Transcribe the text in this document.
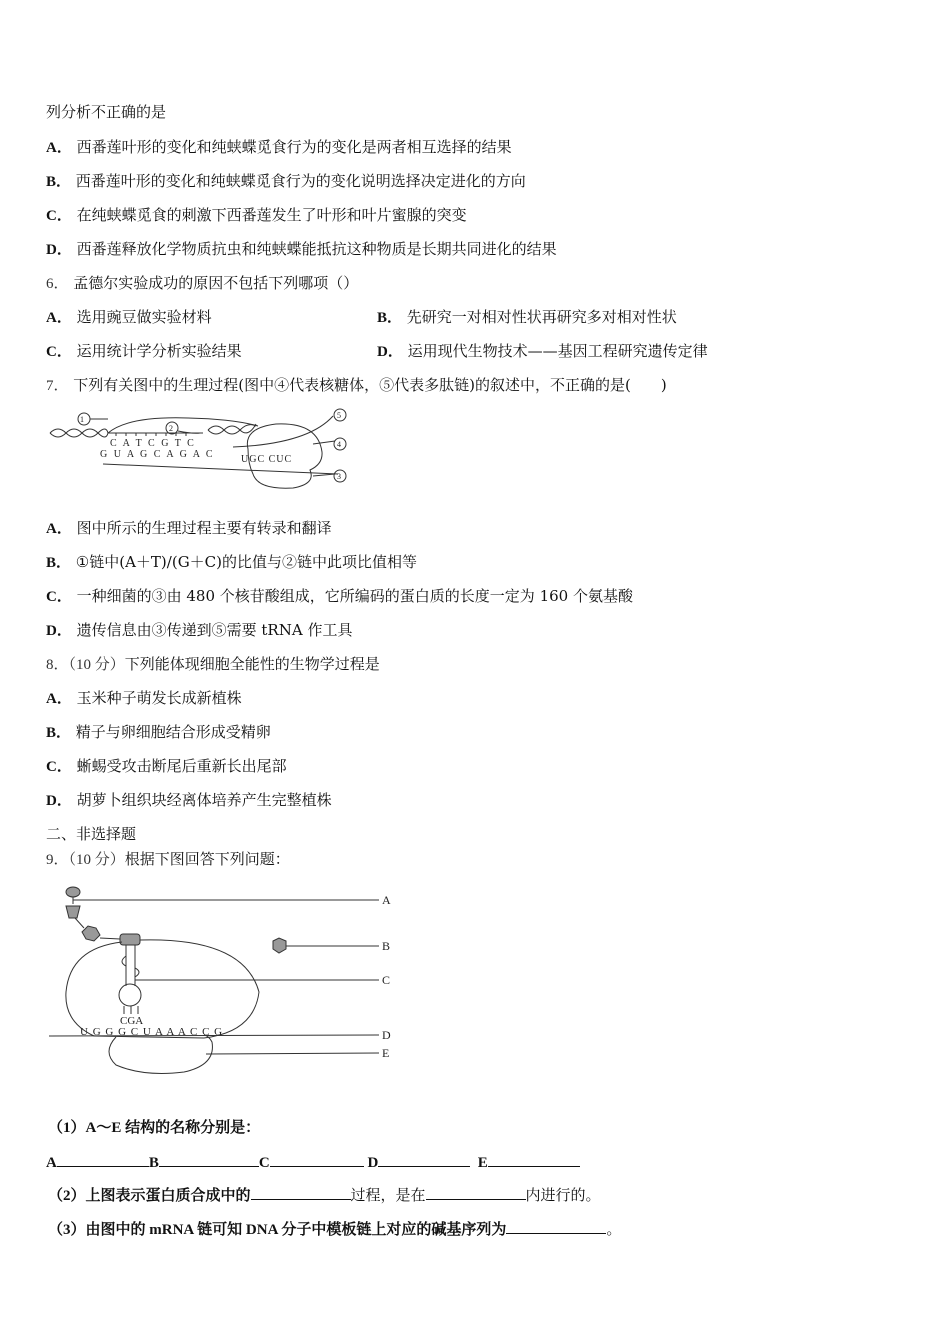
列分析不正确的是
A． 西番莲叶形的变化和纯蛱蝶觅食行为的变化是两者相互选择的结果
B． 西番莲叶形的变化和纯蛱蝶觅食行为的变化说明选择决定进化的方向
C． 在纯蛱蝶觅食的刺激下西番莲发生了叶形和叶片蜜腺的突变
D． 西番莲释放化学物质抗虫和纯蛱蝶能抵抗这种物质是长期共同进化的结果
6． 孟德尔实验成功的原因不包括下列哪项（）
A． 选用豌豆做实验材料	B． 先研究一对相对性状再研究多对相对性状
C． 运用统计学分析实验结果	D． 运用现代生物技术——基因工程研究遗传定律
7． 下列有关图中的生理过程(图中④代表核糖体，⑤代表多肽链)的叙述中，不正确的是(　　)
1
2
3
4
5
C A T C G T C
G U A G C A G A C	UGC CUC
A． 图中所示的生理过程主要有转录和翻译
B． ①链中(A＋T)/(G＋C)的比值与②链中此项比值相等
C． 一种细菌的③由 480 个核苷酸组成，它所编码的蛋白质的长度一定为 160 个氨基酸
D． 遗传信息由③传递到⑤需要 tRNA 作工具
8．（10 分）下列能体现细胞全能性的生物学过程是
A． 玉米种子萌发长成新植株
B． 精子与卵细胞结合形成受精卵
C． 蜥蜴受攻击断尾后重新长出尾部
D． 胡萝卜组织块经离体培养产生完整植株
二、非选择题
9．（10 分）根据下图回答下列问题：
A
B
C
D
E
CGA
U G G G C U A A A C C G
（1）A～E 结构的名称分别是：
A	B	C	D	E
（2）上图表示蛋白质合成中的	过程，是在	内进行的。
（3）由图中的 mRNA 链可知 DNA 分子中模板链上对应的碱基序列为	。
